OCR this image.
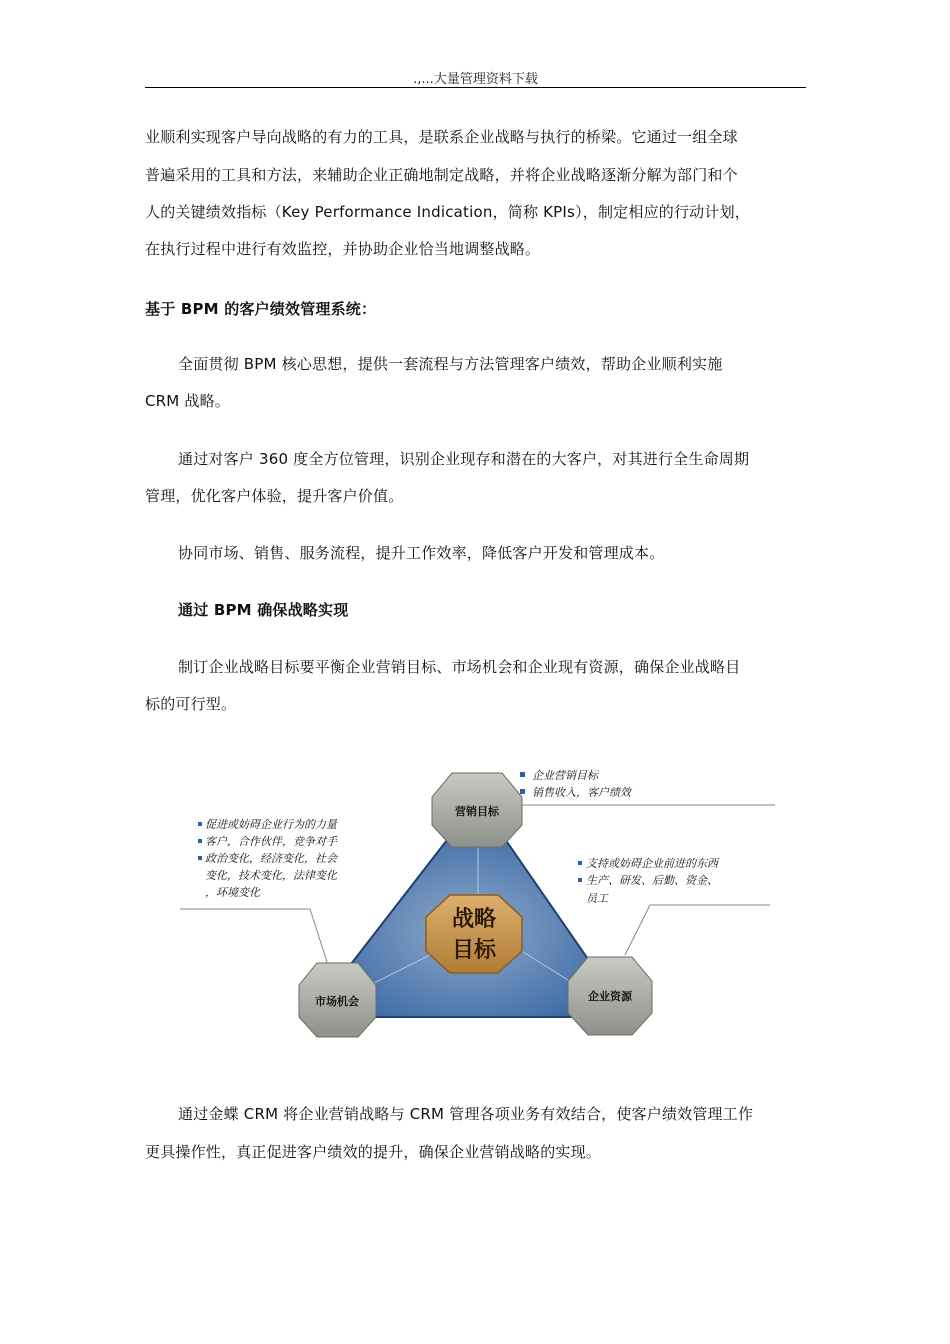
.,...大量管理资料下载

业顺利实现客户导向战略的有力的工具，是联系企业战略与执行的桥梁。它通过一组全球

普遍采用的工具和方法，来辅助企业正确地制定战略，并将企业战略逐渐分解为部门和个

人的关键绩效指标（Key Performance Indication，简称 KPIs），制定相应的行动计划，

在执行过程中进行有效监控，并协助企业恰当地调整战略。

基于 BPM 的客户绩效管理系统：

全面贯彻 BPM 核心思想，提供一套流程与方法管理客户绩效，帮助企业顺利实施

CRM 战略。

通过对客户 360 度全方位管理，识别企业现存和潜在的大客户，对其进行全生命周期

管理，优化客户体验，提升客户价值。

协同市场、销售、服务流程，提升工作效率，降低客户开发和管理成本。

通过 BPM 确保战略实现

制订企业战略目标要平衡企业营销目标、市场机会和企业现有资源，确保企业战略目

标的可行型。

战略
目标
营销目标
市场机会	企业资源
企业营销目标
销售收入，客户绩效
促进或妨碍企业行为的力量
客户，合作伙伴，竞争对手
政治变化，经济变化，社会
变化，技术变化，法律变化
，环境变化
支持或妨碍企业前进的东西
生产、研发、后勤、资金、
员工

通过金蝶 CRM 将企业营销战略与 CRM 管理各项业务有效结合，使客户绩效管理工作

更具操作性，真正促进客户绩效的提升，确保企业营销战略的实现。
